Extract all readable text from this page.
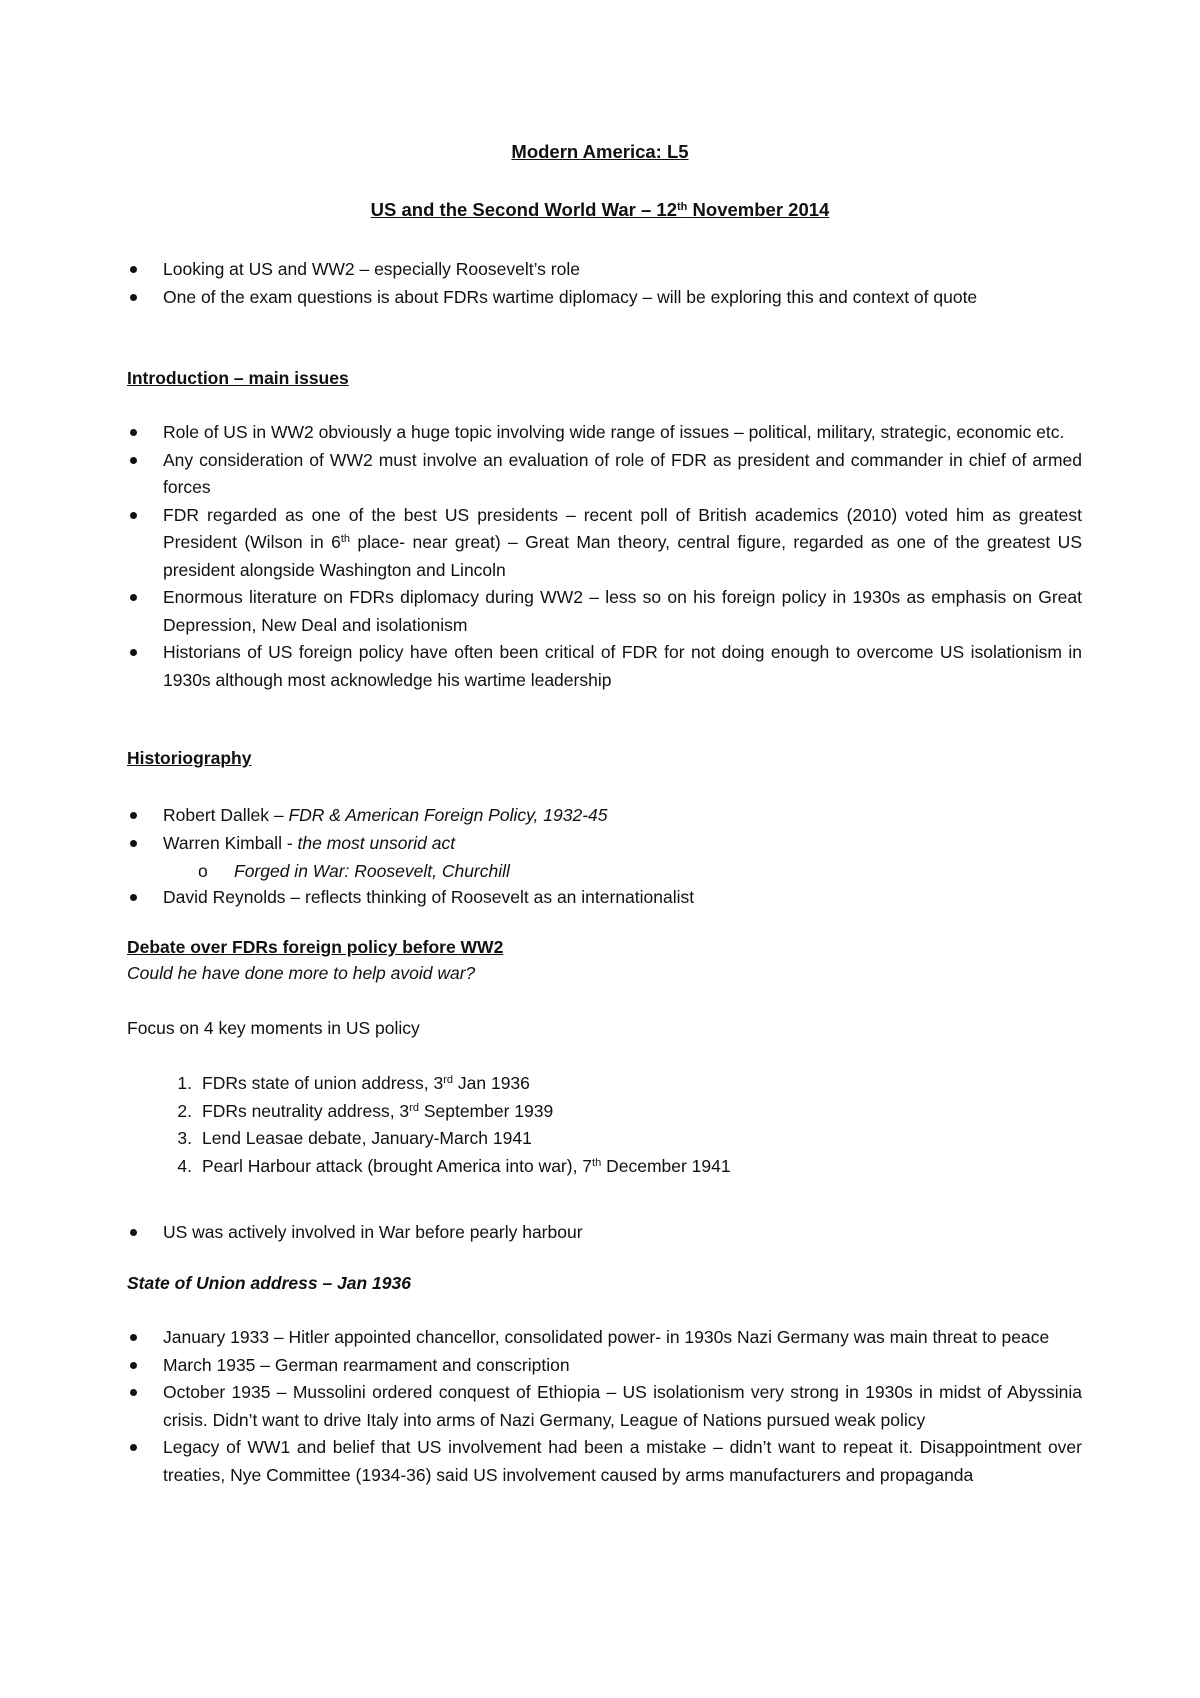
Modern America: L5

US and the Second World War – 12th November 2014

Looking at US and WW2 – especially Roosevelt’s role
One of the exam questions is about FDRs wartime diplomacy – will be exploring this and context of quote

Introduction – main issues

Role of US in WW2 obviously a huge topic involving wide range of issues – political, military, strategic, economic etc.
Any consideration of WW2 must involve an evaluation of role of FDR as president and commander in chief of armed forces
FDR regarded as one of the best US presidents – recent poll of British academics (2010) voted him as greatest President (Wilson in 6th place- near great) – Great Man theory, central figure, regarded as one of the greatest US president alongside Washington and Lincoln
Enormous literature on FDRs diplomacy during WW2 – less so on his foreign policy in 1930s as emphasis on Great Depression, New Deal and isolationism
Historians of US foreign policy have often been critical of FDR for not doing enough to overcome US isolationism in 1930s although most acknowledge his wartime leadership

Historiography

Robert Dallek – FDR & American Foreign Policy, 1932-45
Warren Kimball - the most unsorid act

o Forged in War: Roosevelt, Churchill

David Reynolds – reflects thinking of Roosevelt as an internationalist

Debate over FDRs foreign policy before WW2

Could he have done more to help avoid war?

Focus on 4 key moments in US policy

1. FDRs state of union address, 3rd Jan 1936
2. FDRs neutrality address, 3rd September 1939
3. Lend Leasae debate, January-March 1941
4. Pearl Harbour attack (brought America into war), 7th December 1941
US was actively involved in War before pearly harbour

State of Union address – Jan 1936

January 1933 – Hitler appointed chancellor, consolidated power- in 1930s Nazi Germany was main threat to peace
March 1935 – German rearmament and conscription
October 1935 – Mussolini ordered conquest of Ethiopia – US isolationism very strong in 1930s in midst of Abyssinia crisis. Didn’t want to drive Italy into arms of Nazi Germany, League of Nations pursued weak policy
Legacy of WW1 and belief that US involvement had been a mistake – didn’t want to repeat it. Disappointment over treaties, Nye Committee (1934-36) said US involvement caused by arms manufacturers and propaganda
